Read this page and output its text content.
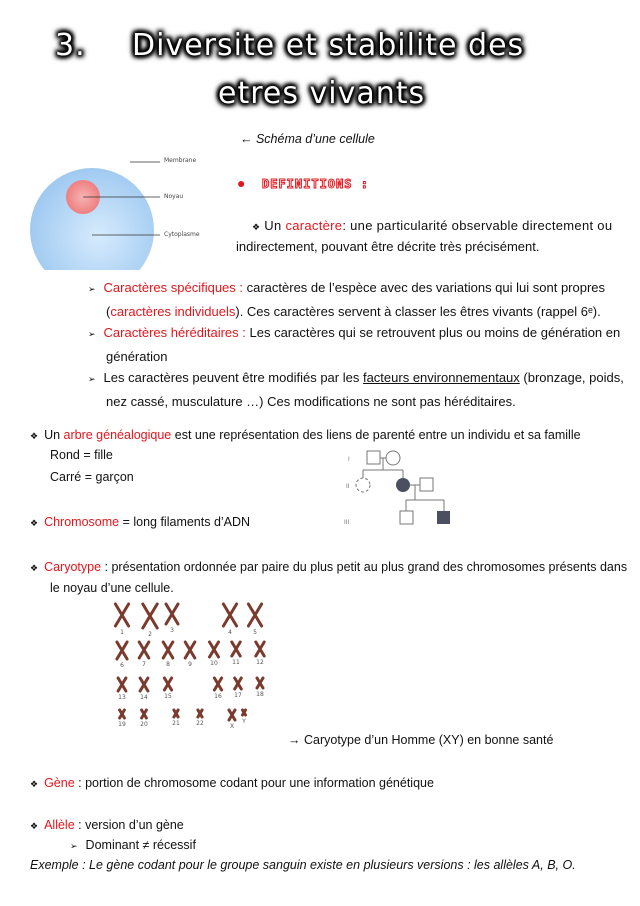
3. Diversite et stabilite des
etres vivants
Membrane
Noyau
Cytoplasme
← Schéma d’une cellule
● DEFINITIONS :
❖ Un caractère: une particularité observable directement ou
indirectement, pouvant être décrite très précisément.
➢ Caractères spécifiques : caractères de l’espèce avec des variations qui lui sont propres
(caractères individuels). Ces caractères servent à classer les êtres vivants (rappel 6ᵉ).
➢ Caractères héréditaires : Les caractères qui se retrouvent plus ou moins de génération en
génération
➢ Les caractères peuvent être modifiés par les facteurs environnementaux (bronzage, poids,
nez cassé, musculature …) Ces modifications ne sont pas héréditaires.
❖ Un arbre généalogique est une représentation des liens de parenté entre un individu et sa famille
Rond = fille
Carré = garçon
I
II
III
❖ Chromosome = long filaments d’ADN
❖ Caryotype : présentation ordonnée par paire du plus petit au plus grand des chromosomes présents dans
le noyau d’une cellule.
1	2
3	4	5
6	7	8	9	10 11	12
13 14	15	16 17 18
19 20	21	22	X
Y
→ Caryotype d’un Homme (XY) en bonne santé
❖ Gène : portion de chromosome codant pour une information génétique
❖ Allèle : version d’un gène
➢ Dominant ≠ récessif
Exemple : Le gène codant pour le groupe sanguin existe en plusieurs versions : les allèles A, B, O.
